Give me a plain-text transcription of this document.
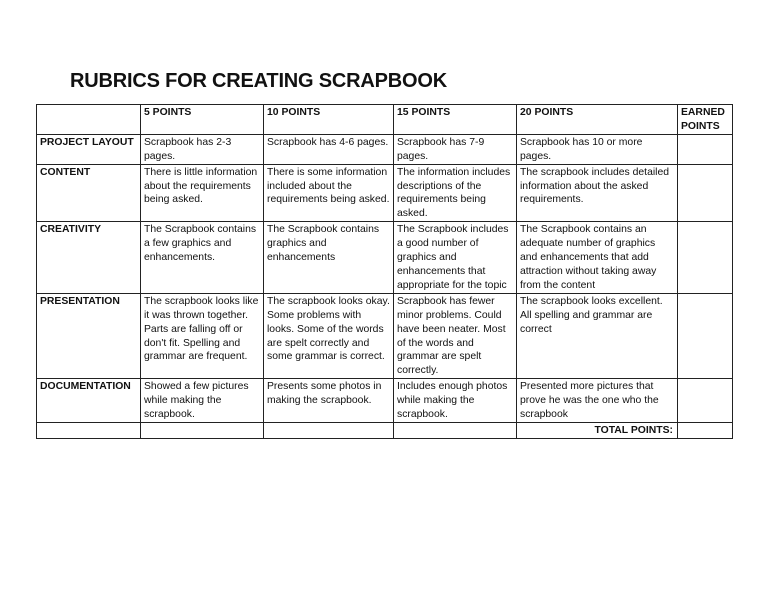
RUBRICS FOR CREATING SCRAPBOOK
	5 POINTS	10 POINTS	15 POINTS	20 POINTS	EARNED POINTS
PROJECT LAYOUT	Scrapbook has 2-3 pages.	Scrapbook has 4-6 pages.	Scrapbook has 7-9 pages.	Scrapbook has 10 or more pages.	
CONTENT	There is little information about the requirements being asked.	There is some information included about the requirements being asked.	The information includes descriptions of the requirements being asked.	The scrapbook includes detailed information about the asked requirements.	
CREATIVITY	The Scrapbook contains a few graphics and enhancements.	The Scrapbook contains graphics and enhancements	The Scrapbook includes a good number of graphics and enhancements that appropriate for the topic	The Scrapbook contains an adequate number of graphics and enhancements that add attraction without taking away from the content	
PRESENTATION	The scrapbook looks like it was thrown together. Parts are falling off or don't fit. Spelling and grammar are frequent.	The scrapbook looks okay. Some problems with looks. Some of the words are spelt correctly and some grammar is correct.	Scrapbook has fewer minor problems. Could have been neater. Most of the words and grammar are spelt correctly.	The scrapbook looks excellent. All spelling and grammar are correct	
DOCUMENTATION	Showed a few pictures while making the scrapbook.	Presents some photos in making the scrapbook.	Includes enough photos while making the scrapbook.	Presented more pictures that prove he was the one who the scrapbook	
				TOTAL POINTS:	
